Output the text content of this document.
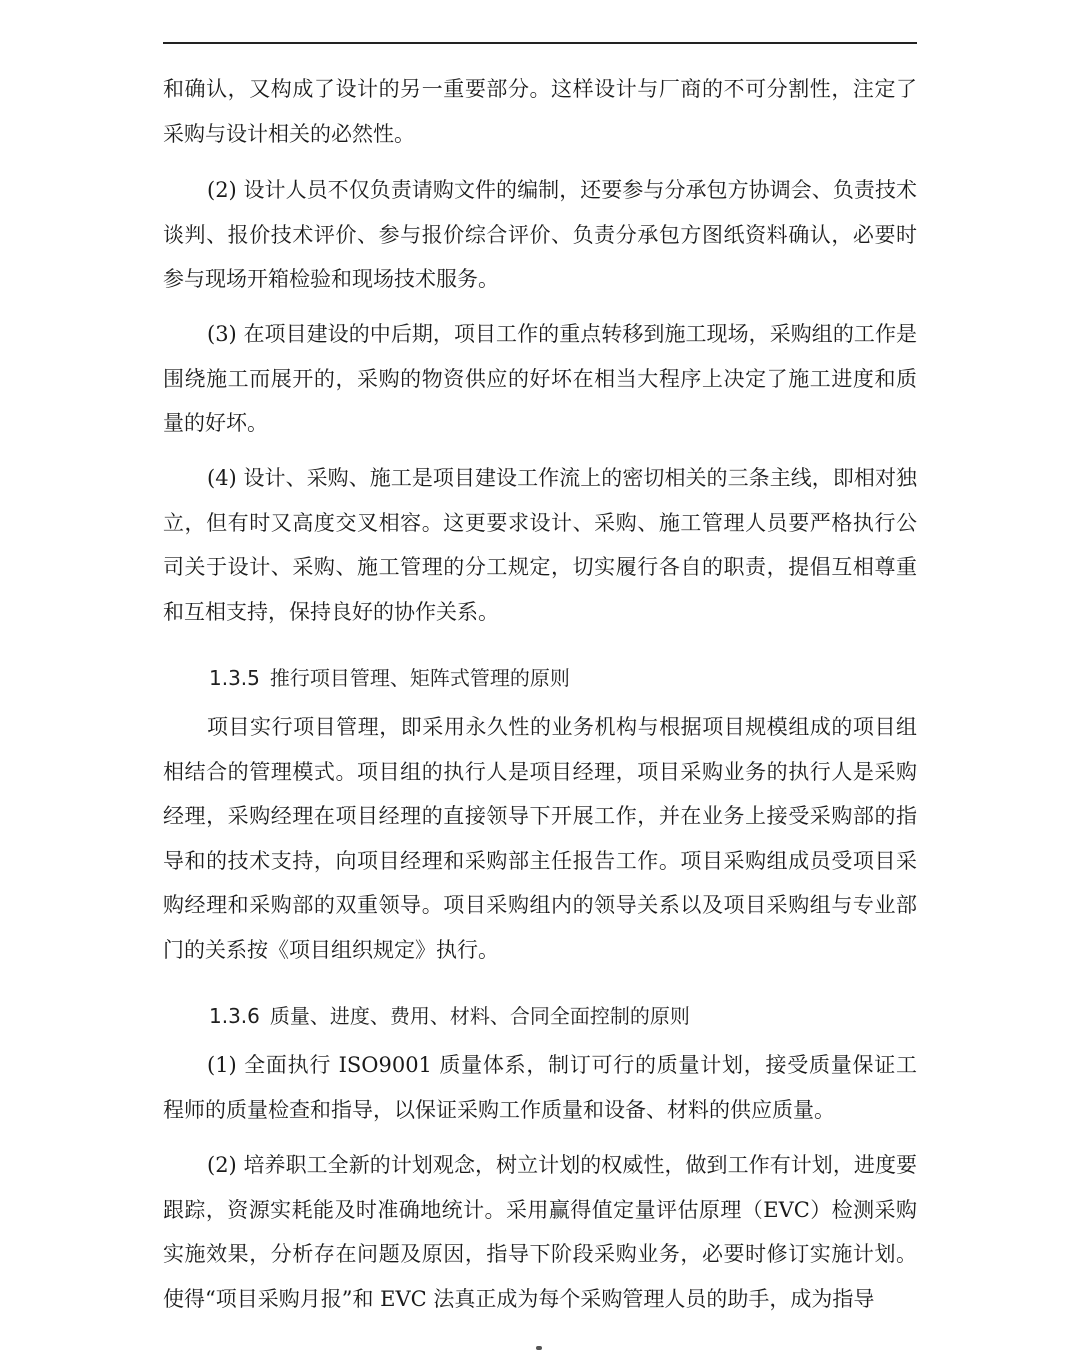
和确认，又构成了设计的另一重要部分。这样设计与厂商的不可分割性，注定了采购与设计相关的必然性。

(2) 设计人员不仅负责请购文件的编制，还要参与分承包方协调会、负责技术谈判、报价技术评价、参与报价综合评价、负责分承包方图纸资料确认，必要时参与现场开箱检验和现场技术服务。

(3) 在项目建设的中后期，项目工作的重点转移到施工现场，采购组的工作是围绕施工而展开的，采购的物资供应的好坏在相当大程序上决定了施工进度和质量的好坏。

(4) 设计、采购、施工是项目建设工作流上的密切相关的三条主线，即相对独立，但有时又高度交叉相容。这更要求设计、采购、施工管理人员要严格执行公司关于设计、采购、施工管理的分工规定，切实履行各自的职责，提倡互相尊重和互相支持，保持良好的协作关系。

1.3.5 推行项目管理、矩阵式管理的原则

项目实行项目管理，即采用永久性的业务机构与根据项目规模组成的项目组相结合的管理模式。项目组的执行人是项目经理，项目采购业务的执行人是采购经理，采购经理在项目经理的直接领导下开展工作，并在业务上接受采购部的指导和的技术支持，向项目经理和采购部主任报告工作。项目采购组成员受项目采购经理和采购部的双重领导。项目采购组内的领导关系以及项目采购组与专业部门的关系按《项目组织规定》执行。

1.3.6 质量、进度、费用、材料、合同全面控制的原则

(1) 全面执行 ISO9001 质量体系，制订可行的质量计划，接受质量保证工程师的质量检查和指导，以保证采购工作质量和设备、材料的供应质量。

(2) 培养职工全新的计划观念，树立计划的权威性，做到工作有计划，进度要跟踪，资源实耗能及时准确地统计。采用赢得值定量评估原理（EVC）检测采购实施效果，分析存在问题及原因，指导下阶段采购业务，必要时修订实施计划。使得“项目采购月报”和 EVC 法真正成为每个采购管理人员的助手，成为指导
